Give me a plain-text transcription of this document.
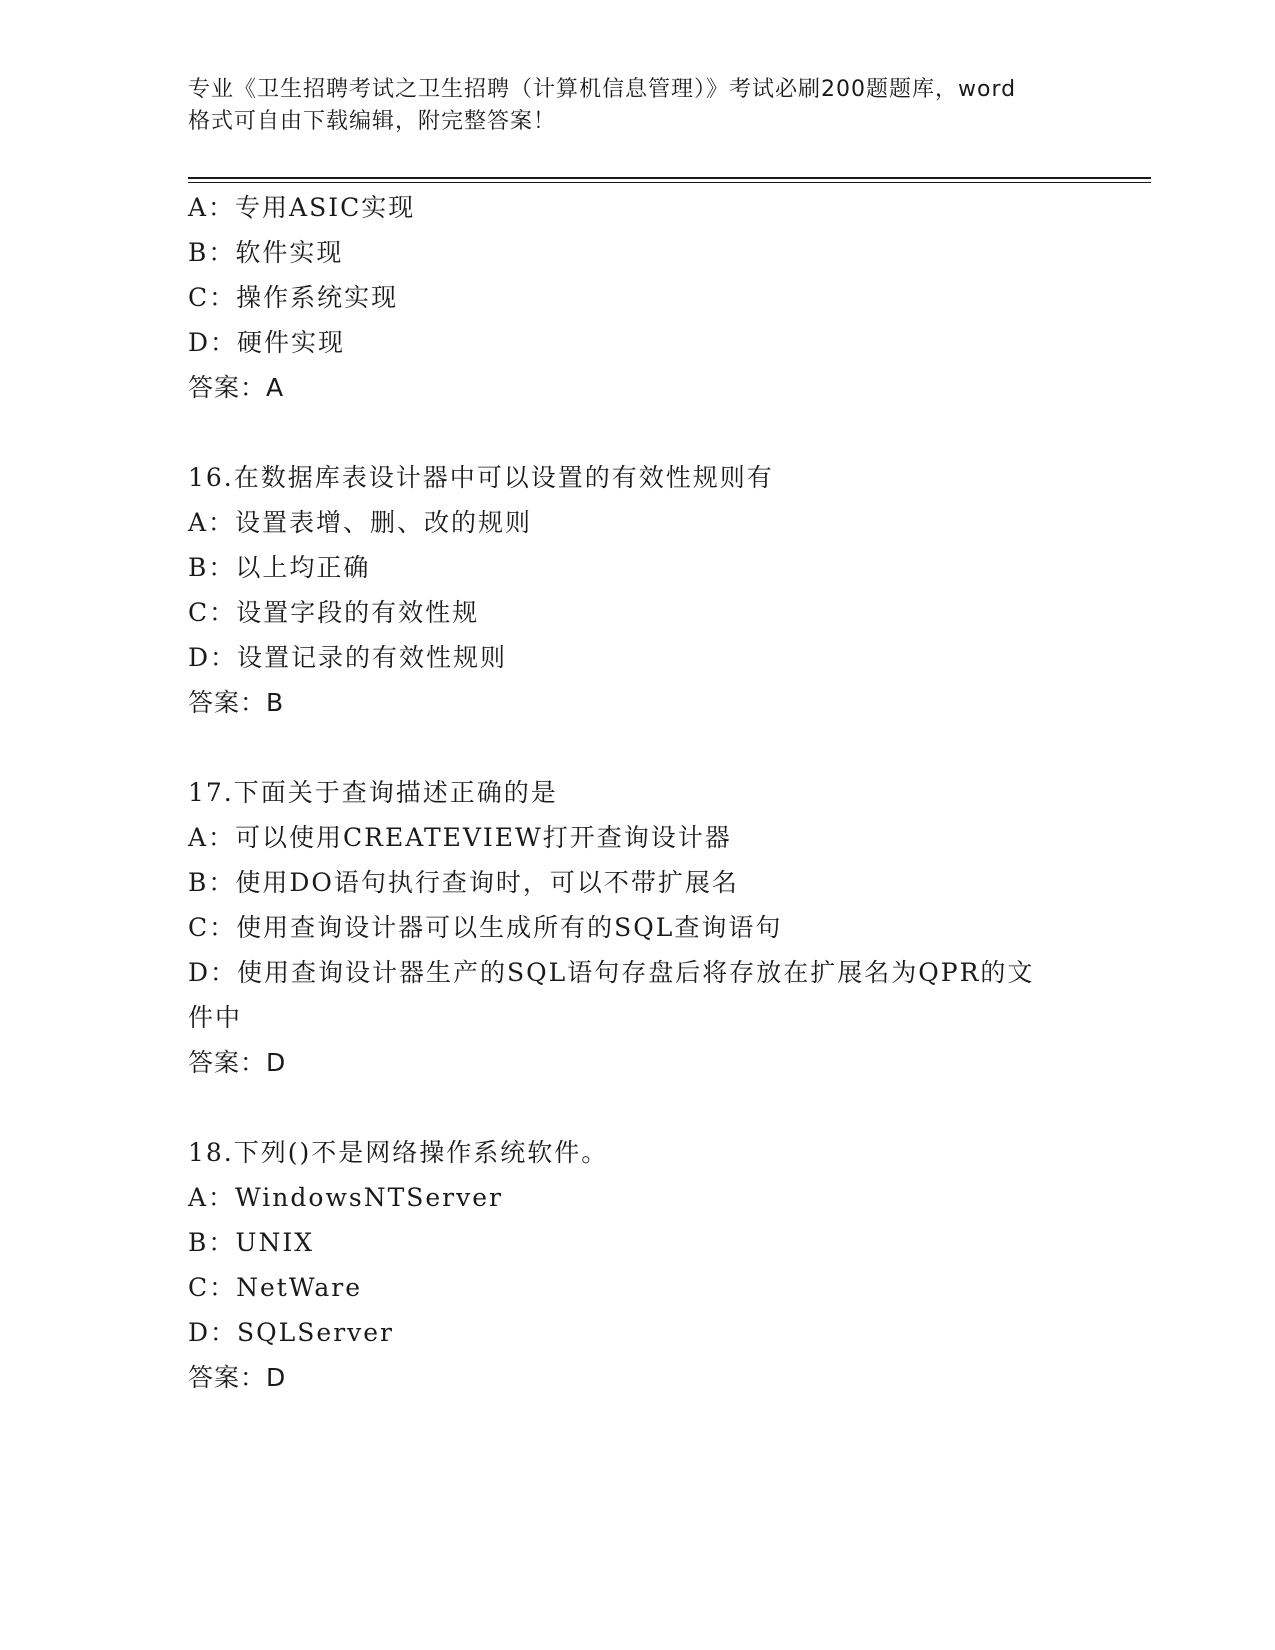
专业《卫生招聘考试之卫生招聘（计算机信息管理）》考试必刷200题题库，word
格式可自由下载编辑，附完整答案！
A：专用ASIC实现
B：软件实现
C：操作系统实现
D：硬件实现
答案：A
16.在数据库表设计器中可以设置的有效性规则有
A：设置表增、删、改的规则
B：以上均正确
C：设置字段的有效性规
D：设置记录的有效性规则
答案：B
17.下面关于查询描述正确的是
A：可以使用CREATEVIEW打开查询设计器
B：使用DO语句执行查询时，可以不带扩展名
C：使用查询设计器可以生成所有的SQL查询语句
D：使用查询设计器生产的SQL语句存盘后将存放在扩展名为QPR的文
件中
答案：D
18.下列()不是网络操作系统软件。
A：WindowsNTServer
B：UNIX
C：NetWare
D：SQLServer
答案：D
